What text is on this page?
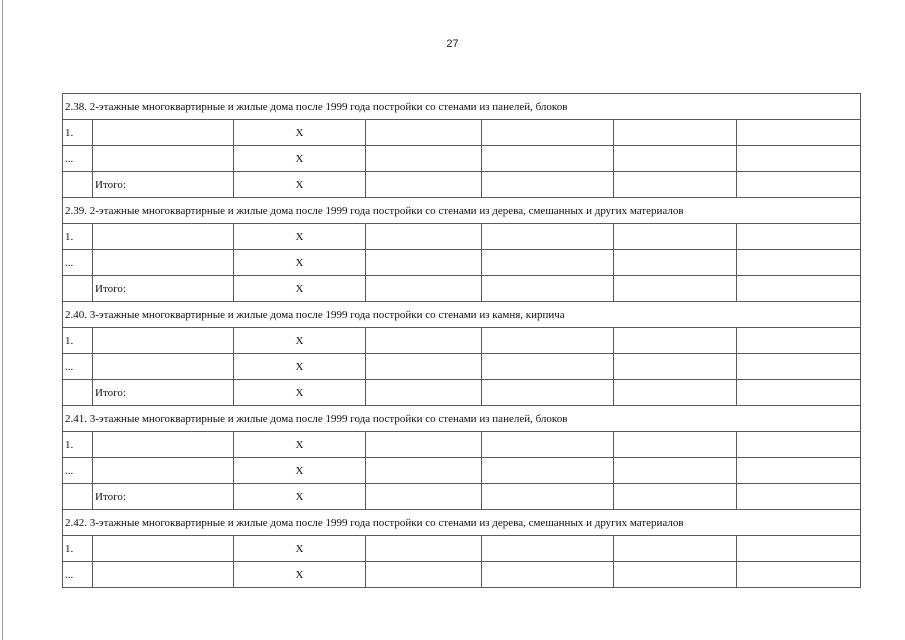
27
2.38. 2-этажные многоквартирные и жилые дома после 1999 года постройки со стенами из панелей, блоков						
1.		X				
...		X				
	Итого:	X				
2.39. 2-этажные многоквартирные и жилые дома после 1999 года постройки со стенами из дерева, смешанных и других материалов						
1.		X				
...		X				
	Итого:	X				
2.40. 3-этажные многоквартирные и жилые дома после 1999 года постройки со стенами из камня, кирпича						
1.		X				
...		X				
	Итого:	X				
2.41. 3-этажные многоквартирные и жилые дома после 1999 года постройки со стенами из панелей, блоков						
1.		X				
...		X				
	Итого:	X				
2.42. 3-этажные многоквартирные и жилые дома после 1999 года постройки со стенами из дерева, смешанных и других материалов						
1.		X				
...		X				
